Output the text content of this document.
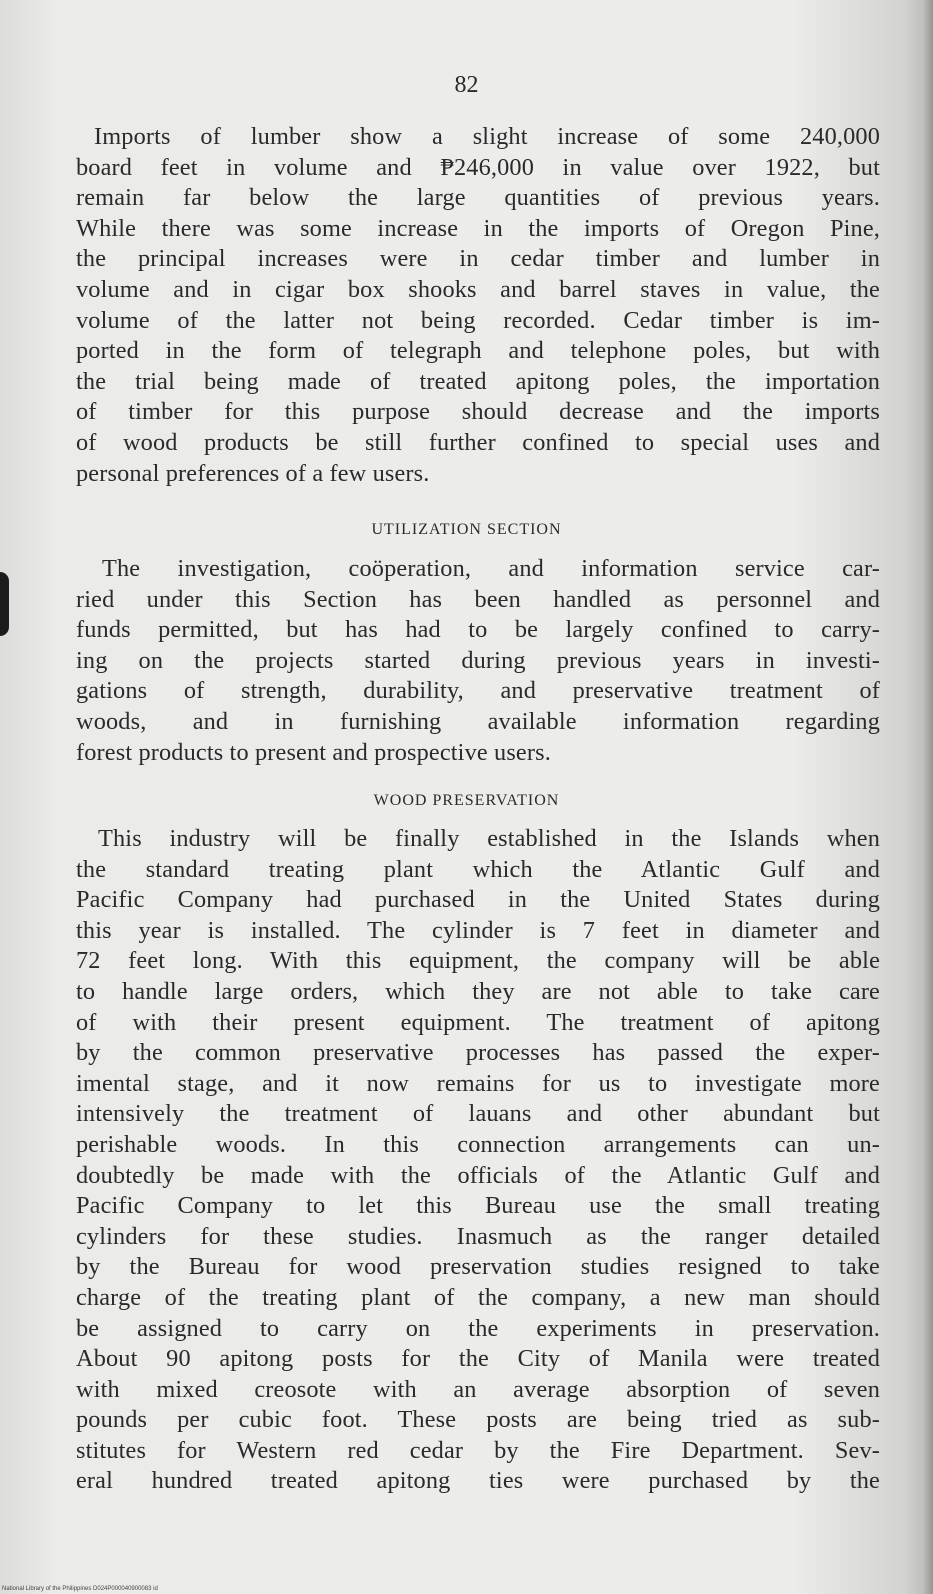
82
Imports of lumber show a slight increase of some 240,000
board feet in volume and ₱246,000 in value over 1922, but
remain far below the large quantities of previous years.
While there was some increase in the imports of Oregon Pine,
the principal increases were in cedar timber and lumber in
volume and in cigar box shooks and barrel staves in value, the
volume of the latter not being recorded. Cedar timber is im-
ported in the form of telegraph and telephone poles, but with
the trial being made of treated apitong poles, the importation
of timber for this purpose should decrease and the imports
of wood products be still further confined to special uses and
personal preferences of a few users.
UTILIZATION SECTION
The investigation, coöperation, and information service car-
ried under this Section has been handled as personnel and
funds permitted, but has had to be largely confined to carry-
ing on the projects started during previous years in investi-
gations of strength, durability, and preservative treatment of
woods, and in furnishing available information regarding
forest products to present and prospective users.
WOOD PRESERVATION
This industry will be finally established in the Islands when
the standard treating plant which the Atlantic Gulf and
Pacific Company had purchased in the United States during
this year is installed. The cylinder is 7 feet in diameter and
72 feet long. With this equipment, the company will be able
to handle large orders, which they are not able to take care
of with their present equipment. The treatment of apitong
by the common preservative processes has passed the exper-
imental stage, and it now remains for us to investigate more
intensively the treatment of lauans and other abundant but
perishable woods. In this connection arrangements can un-
doubtedly be made with the officials of the Atlantic Gulf and
Pacific Company to let this Bureau use the small treating
cylinders for these studies. Inasmuch as the ranger detailed
by the Bureau for wood preservation studies resigned to take
charge of the treating plant of the company, a new man should
be assigned to carry on the experiments in preservation.
About 90 apitong posts for the City of Manila were treated
with mixed creosote with an average absorption of seven
pounds per cubic foot. These posts are being tried as sub-
stitutes for Western red cedar by the Fire Department. Sev-
eral hundred treated apitong ties were purchased by the
National Library of the Philippines D024P000040900083 id
